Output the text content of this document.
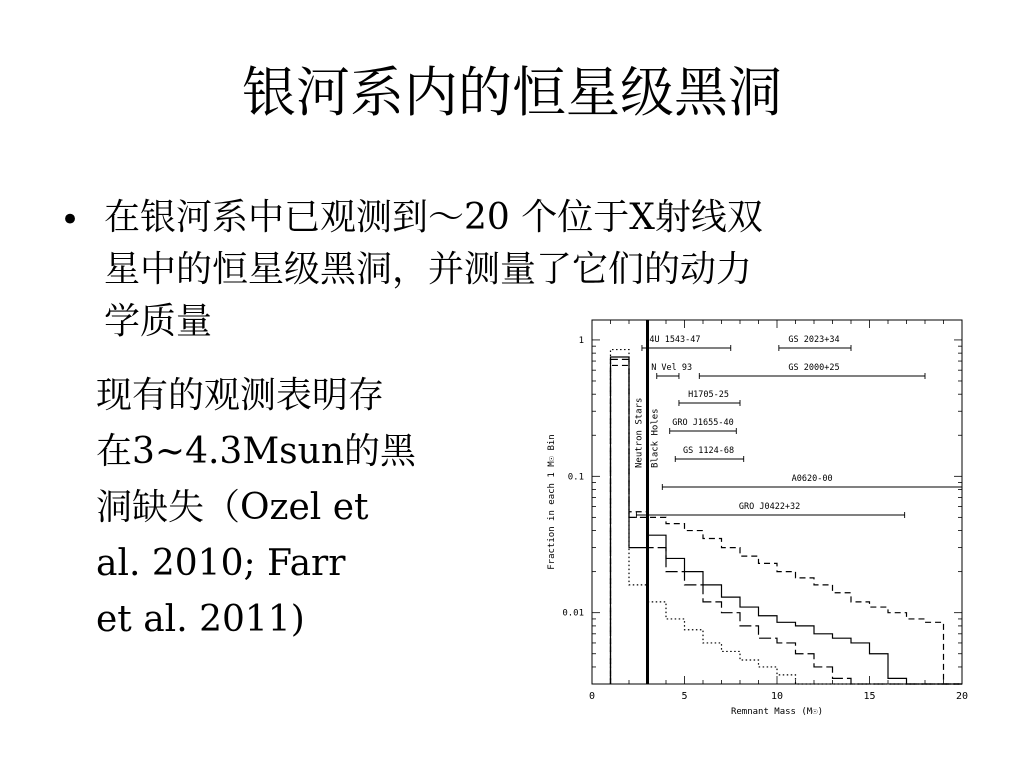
银河系内的恒星级黑洞
• 在银河系中已观测到～20 个位于X射线双
星中的恒星级黑洞，并测量了它们的动力
学质量
现有的观测表明存
在3~4.3Msun的黑
洞缺失（Ozel et
al. 2010; Farr
et al. 2011)
0	5	10	15	20
1
0.1
0.01
Remnant Mass (M☉)
Fraction in each 1 M☉ Bin
Neutron Stars Black Holes
4U 1543-47	GS 2023+34
N Vel 93	GS 2000+25
H1705-25
GRO J1655-40
GS 1124-68
A0620-00
GRO J0422+32
